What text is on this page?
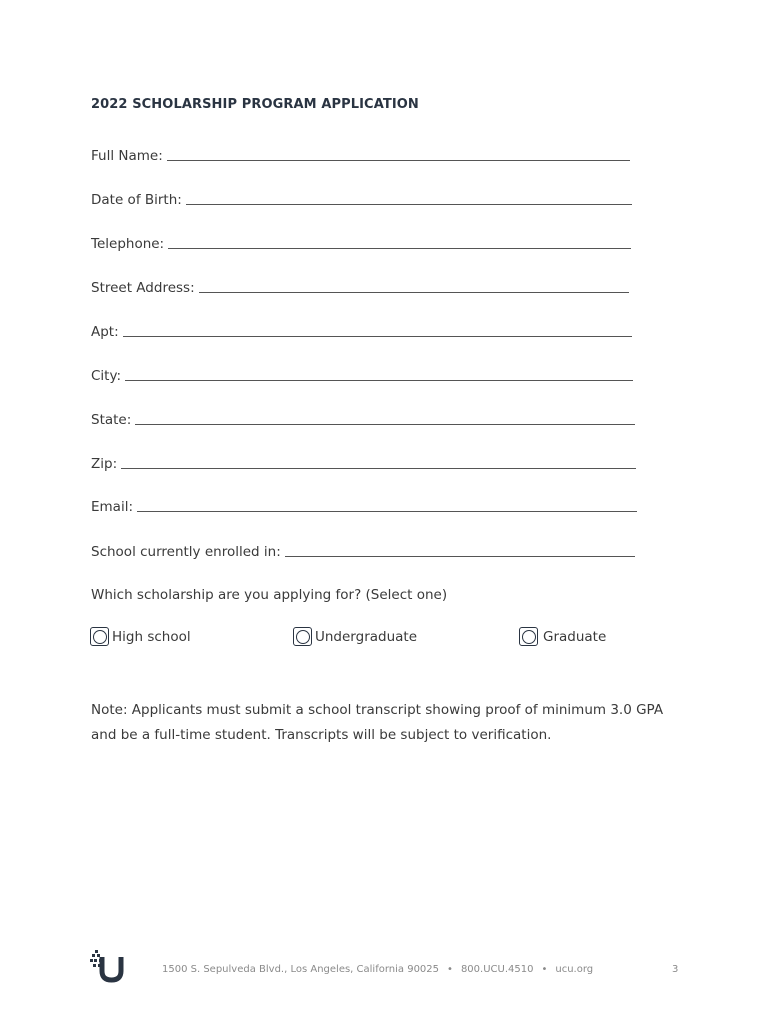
2022 SCHOLARSHIP PROGRAM APPLICATION
Full Name:
Date of Birth:
Telephone:
Street Address:
Apt:
City:
State:
Zip:
Email:
School currently enrolled in:
Which scholarship are you applying for? (Select one)
High school	Undergraduate	Graduate
Note: Applicants must submit a school transcript showing proof of minimum 3.0 GPA and be a full-time student. Transcripts will be subject to verification.
1500 S. Sepulveda Blvd., Los Angeles, California 90025 • 800.UCU.4510 • ucu.org	3
